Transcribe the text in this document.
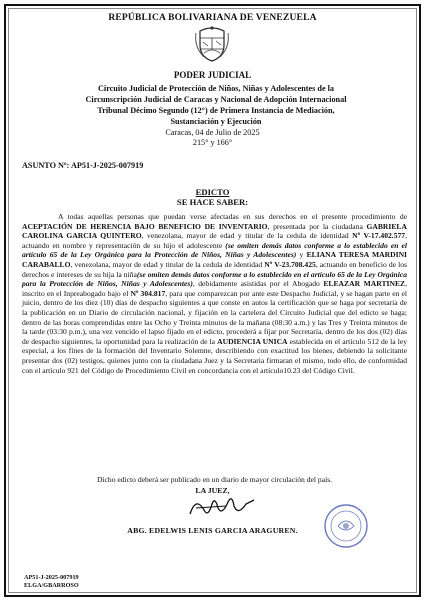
REPÚBLICA BOLIVARIANA DE VENEZUELA
PODER JUDICIAL
Circuito Judicial de Protección de Niños, Niñas y Adolescentes de la
Circunscripción Judicial de Caracas y Nacional de Adopción Internacional
Tribunal Décimo Segundo (12°) de Primera Instancia de Mediación,
Sustanciación y Ejecución
Caracas, 04 de Julio de 2025
215° y 166°
ASUNTO Nº: AP51-J-2025-007919
EDICTO
SE HACE SABER:

A todas aquellas personas que puedan verse afectadas en sus derechos en el presente procedimiento de ACEPTACIÓN DE HERENCIA BAJO BENEFICIO DE INVENTARIO, presentada por la ciudadana GABRIELA CAROLINA GARCIA QUINTERO, venezolana, mayor de edad y titular de la cedula de identidad Nº V-17.402.577, actuando en nombre y representación de su hijo el adolescente (se omiten demás datos conforme a lo establecido en el artículo 65 de la Ley Orgánica para la Protección de Niños, Niñas y Adolescentes) y ELIANA TERESA MARDINI CARABALLO, venezolana, mayor de edad y titular de la cedula de identidad Nº V-23.708.425, actuando en beneficio de los derechos e intereses de su hija la niña(se omiten demás datos conforme a lo establecido en el artículo 65 de la Ley Orgánica para la Protección de Niños, Niñas y Adolescentes), debidamente asistidas por el Abogado ELEAZAR MARTINEZ, inscrito en el Inpreabogado bajo el Nº 304.817, para que comparezcan por ante este Despacho Judicial, y se hagan parte en el juicio, dentro de los diez (10) días de despacho siguientes a que conste en autos la certificación que se haga por secretaria de la publicación en un Diario de circulación nacional, y fijación en la cartelera del Circuito Judicial que del edicto se haga; dentro de las horas comprendidas entre las Ocho y Treinta minutos de la mañana (08:30 a.m.) y las Tres y Treinta minutos de la tarde (03:30 p.m.), una vez vencido el lapso fijado en el edicto, procederá a fijar por Secretaría, dentro de los dos (02) días de despacho siguientes, la oportunidad para la realización de la AUDIENCIA UNICA establecida en el artículo 512 de la ley especial, a los fines de la formación del Inventario Solemne, describiendo con exactitud los bienes, debiendo la solicitante presentar dos (02) testigos, quienes junto con la ciudadana Juez y la Secretaria firmaran el mismo, todo ello, de conformidad con el artículo 921 del Código de Procedimiento Civil en concordancia con el artículo10.23 del Código Civil.

Dicho edicto deberá ser publicado en un diario de mayor circulación del país.
LA JUEZ,
ABG. EDELWIS LENIS GARCIA ARAGUREN.
AP51-J-2025-007919
ELGA/GBARROSO
